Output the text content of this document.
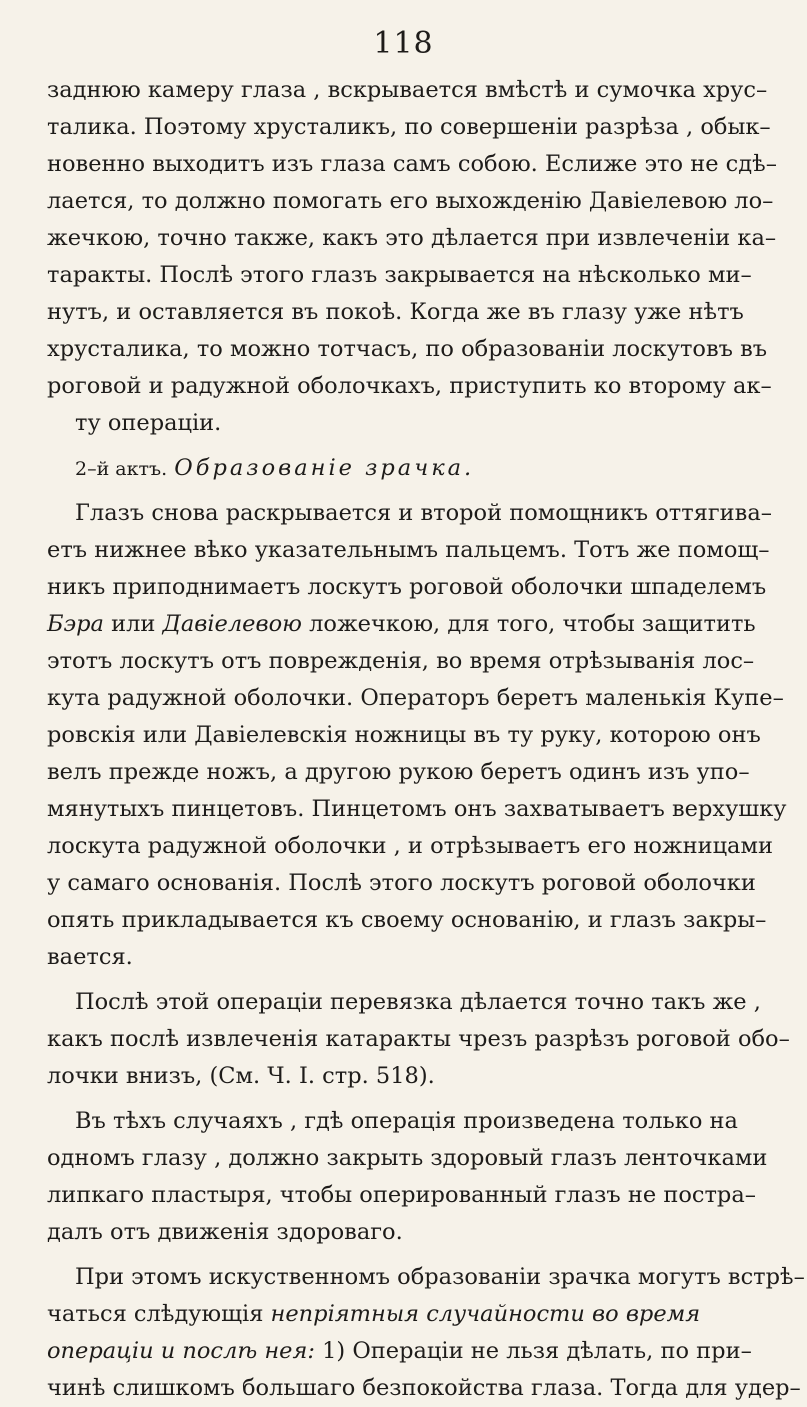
118
заднюю камеру глаза , вскрывается вмѣстѣ и сумочка хрус–
талика. Поэтому хрусталикъ, по совершеніи разрѣза , обык–
новенно выходитъ изъ глаза самъ собою. Еслиже это не сдѣ–
лается, то должно помогать его выхожденію Давіелевою ло–
жечкою, точно также, какъ это дѣлается при извлеченіи ка–
таракты. Послѣ этого глазъ закрывается на нѣсколько ми–
нутъ, и оставляется въ покоѣ. Когда же въ глазу уже нѣтъ
хрусталика, то можно тотчасъ, по образованіи лоскутовъ въ
роговой и радужной оболочкахъ, приступить ко второму ак–
ту операціи.
2–й актъ. Образованіе зрачка.
Глазъ снова раскрывается и второй помощникъ оттягива–
етъ нижнее вѣко указательнымъ пальцемъ. Тотъ же помощ–
никъ приподнимаетъ лоскутъ роговой оболочки шпаделемъ
Бэра или Давіелевою ложечкою, для того, чтобы защитить
этотъ лоскутъ отъ поврежденія, во время отрѣзыванія лос–
кута радужной оболочки. Операторъ беретъ маленькія Купе–
ровскія или Давіелевскія ножницы въ ту руку, которою онъ
велъ прежде ножъ, а другою рукою беретъ одинъ изъ упо–
мянутыхъ пинцетовъ. Пинцетомъ онъ захватываетъ верхушку
лоскута радужной оболочки , и отрѣзываетъ его ножницами
у самаго основанія. Послѣ этого лоскутъ роговой оболочки
опять прикладывается къ своему основанію, и глазъ закры–
вается.
Послѣ этой операціи перевязка дѣлается точно такъ же ,
какъ послѣ извлеченія катаракты чрезъ разрѣзъ роговой обо–
лочки внизъ, (См. Ч. I. стр. 518).
Въ тѣхъ случаяхъ , гдѣ операція произведена только на
одномъ глазу , должно закрыть здоровый глазъ ленточками
липкаго пластыря, чтобы оперированный глазъ не постра–
далъ отъ движенія здороваго.
При этомъ искуственномъ образованіи зрачка могутъ встрѣ–
чаться слѣдующія непріятныя случайности во время
операціи и послѣ нея: 1) Операціи не льзя дѣлать, по при–
чинѣ слишкомъ большаго безпокойства глаза. Тогда для удер–
